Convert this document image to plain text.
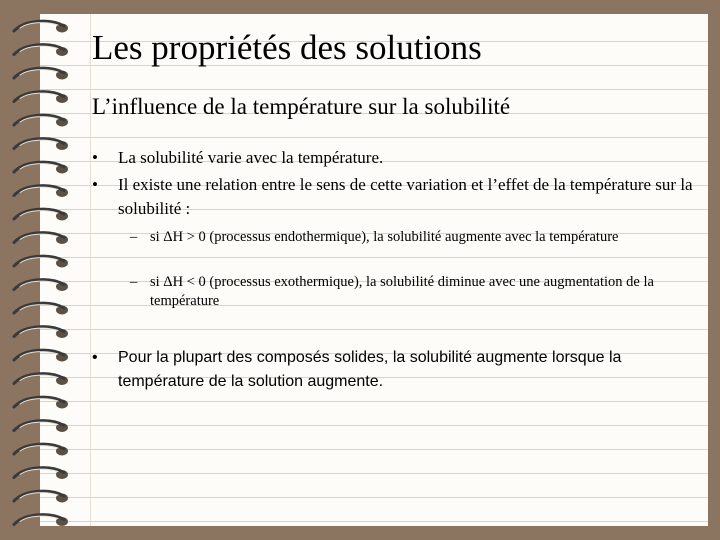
Les propriétés des solutions
L’influence de la température sur la solubilité
•	La solubilité varie avec la température.
•	Il existe une relation entre le sens de cette variation et l’effet de la température sur la solubilité :
– si ΔH > 0 (processus endothermique), la solubilité augmente avec la température
– si ΔH < 0 (processus exothermique), la solubilité diminue avec une augmentation de la température
•	Pour la plupart des composés solides, la solubilité augmente lorsque la température de la solution augmente.
